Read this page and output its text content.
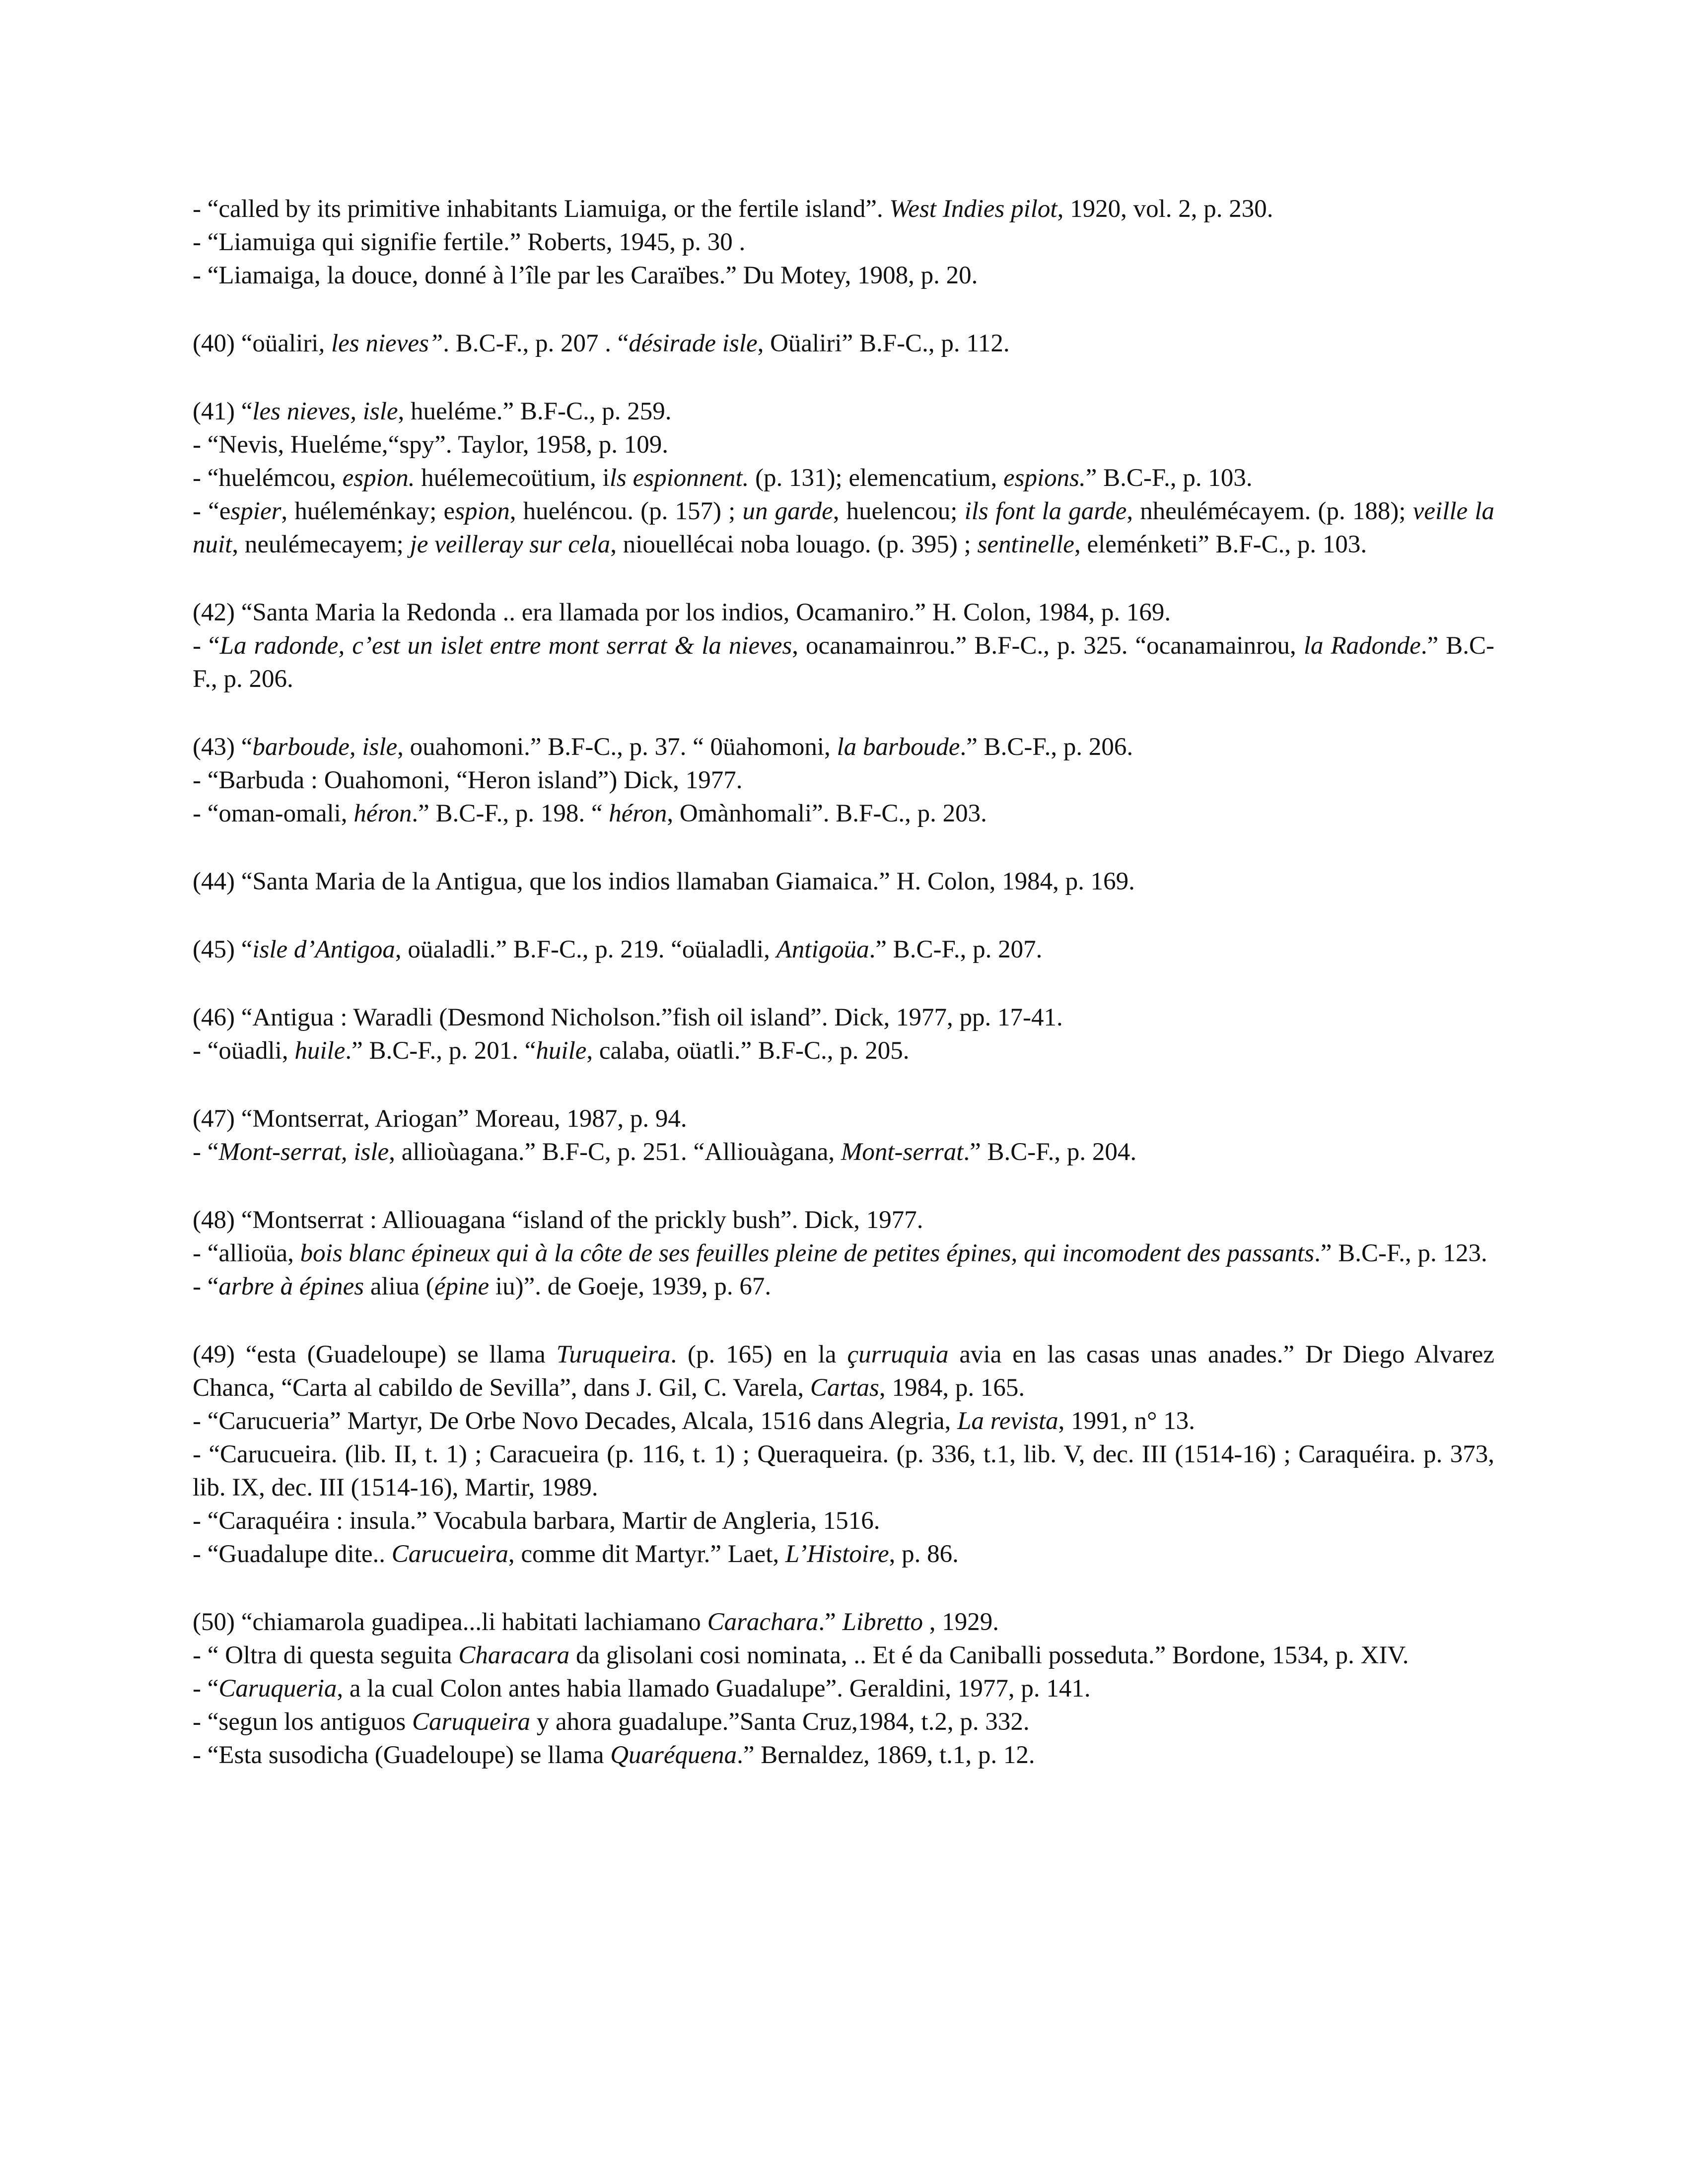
- “called by its primitive inhabitants Liamuiga, or the fertile island”. West Indies pilot, 1920, vol. 2, p. 230.
- “Liamuiga qui signifie fertile.” Roberts, 1945, p. 30 .
- “Liamaiga, la douce, donné à l’île par les Caraïbes.” Du Motey, 1908, p. 20.
(40) “oüaliri, les nieves”. B.C-F., p. 207 . “désirade isle, Oüaliri” B.F-C., p. 112.
(41) “les nieves, isle, hueléme.” B.F-C., p. 259.
- “Nevis, Hueléme,“spy”. Taylor, 1958, p. 109.
- “huelémcou, espion. huélemecoütium, ils espionnent. (p. 131); elemencatium, espions.” B.C-F., p. 103.
- “espier, huéleménkay; espion, hueléncou. (p. 157) ; un garde, huelencou; ils font la garde, nheulémécayem. (p. 188); veille la nuit, neulémecayem; je veilleray sur cela, niouellécai noba louago. (p. 395) ; sentinelle, eleménketi” B.F-C., p. 103.
(42) “Santa Maria la Redonda .. era llamada por los indios, Ocamaniro.” H. Colon, 1984, p. 169.
- “La radonde, c’est un islet entre mont serrat & la nieves, ocanamainrou.” B.F-C., p. 325. “ocanamainrou, la Radonde.” B.C-F., p. 206.
(43) “barboude, isle, ouahomoni.” B.F-C., p. 37. “ 0üahomoni, la barboude.” B.C-F., p. 206.
- “Barbuda : Ouahomoni, “Heron island”) Dick, 1977.
- “oman-omali, héron.” B.C-F., p. 198. “ héron, Omànhomali”. B.F-C., p. 203.
(44) “Santa Maria de la Antigua, que los indios llamaban Giamaica.” H. Colon, 1984, p. 169.
(45) “isle d’Antigoa, oüaladli.” B.F-C., p. 219. “oüaladli, Antigoüa.” B.C-F., p. 207.
(46) “Antigua : Waradli (Desmond Nicholson.”fish oil island”. Dick, 1977, pp. 17-41.
- “oüadli, huile.” B.C-F., p. 201. “huile, calaba, oüatli.” B.F-C., p. 205.
(47) “Montserrat, Ariogan” Moreau, 1987, p. 94.
- “Mont-serrat, isle, allioùagana.” B.F-C, p. 251. “Alliouàgana, Mont-serrat.” B.C-F., p. 204.
(48) “Montserrat : Alliouagana “island of the prickly bush”. Dick, 1977.
- “allioüa, bois blanc épineux qui à la côte de ses feuilles pleine de petites épines, qui incomodent des passants.” B.C-F., p. 123.
- “arbre à épines aliua (épine iu)”. de Goeje, 1939, p. 67.
(49) “esta (Guadeloupe) se llama Turuqueira. (p. 165) en la çurruquia avia en las casas unas anades.” Dr Diego Alvarez Chanca, “Carta al cabildo de Sevilla”, dans J. Gil, C. Varela, Cartas, 1984, p. 165.
- “Carucueria” Martyr, De Orbe Novo Decades, Alcala, 1516 dans Alegria, La revista, 1991, n° 13.
- “Carucueira. (lib. II, t. 1) ; Caracueira (p. 116, t. 1) ; Queraqueira. (p. 336, t.1, lib. V, dec. III (1514-16) ; Caraquéira. p. 373, lib. IX, dec. III (1514-16), Martir, 1989.
- “Caraquéira : insula.” Vocabula barbara, Martir de Angleria, 1516.
- “Guadalupe dite.. Carucueira, comme dit Martyr.” Laet, L’Histoire, p. 86.
(50) “chiamarola guadipea...li habitati lachiamano Carachara.” Libretto , 1929.
- “ Oltra di questa seguita Characara da glisolani cosi nominata, .. Et é da Caniballi posseduta.” Bordone, 1534, p. XIV.
- “Caruqueria, a la cual Colon antes habia llamado Guadalupe”. Geraldini, 1977, p. 141.
- “segun los antiguos Caruqueira y ahora guadalupe.”Santa Cruz,1984, t.2, p. 332.
- “Esta susodicha (Guadeloupe) se llama Quaréquena.” Bernaldez, 1869, t.1, p. 12.
